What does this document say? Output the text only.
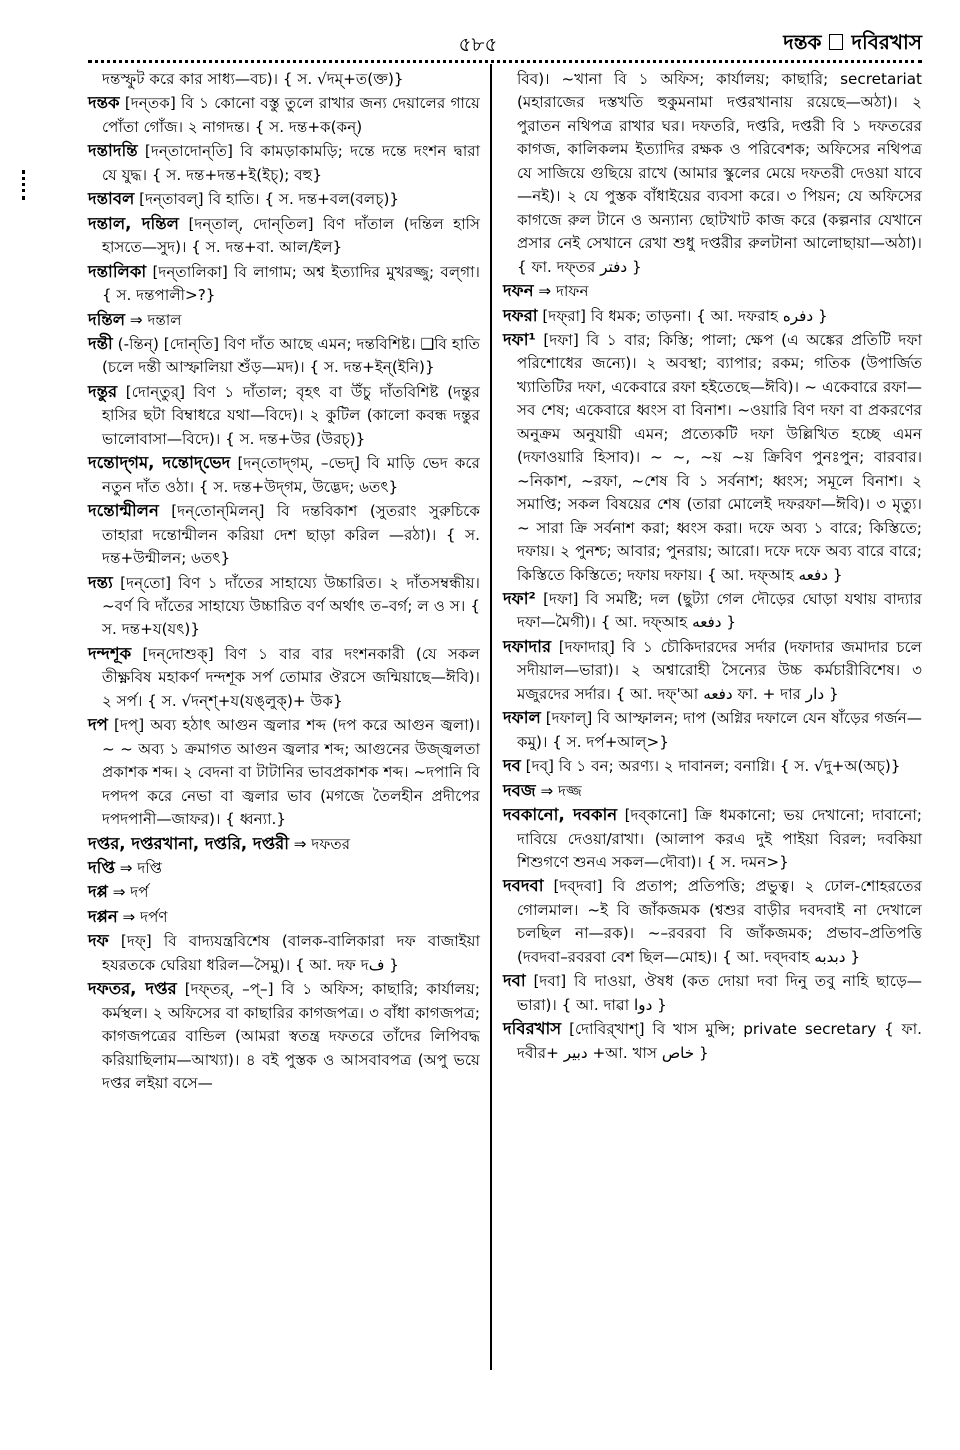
৫৮৫	দন্তক দবিরখাস

দন্তস্ফুট করে কার সাধ্য—বচ)। { স. √দম্+ত(ক্ত)}

দন্তক [দন্‌তক] বি ১ কোনো বস্তু তুলে রাখার জন্য দেয়ালের গায়ে পোঁতা গোঁজ। ২ নাগদন্ত। { স. দন্ত+ক(কন্‌)

দন্তাদন্তি [দন্‌তাদোন্‌তি] বি কামড়াকামড়ি; দন্তে দন্তে দংশন দ্বারা যে যুদ্ধ। { স. দন্ত+দন্ত+ই(ইচ্‌); বহু}

দন্তাবল [দন্‌তাবল্‌] বি হাতি। { স. দন্ত+বল(বলচ্‌)}

দন্তাল, দন্তিল [দন্‌তাল্‌, দোন্‌তিল] বিণ দাঁতাল (দন্তিল হাসি হাসতে—সুদ)। { স. দন্ত+বা. আল/ইল}

দন্তালিকা [দন্‌তালিকা] বি লাগাম; অশ্ব ইত্যাদির মুখরজ্জু; বল্‌গা। { স. দন্তপালী>?}

দন্তিল ⇒ দন্তাল

দন্তী (-ন্তিন্‌) [দোন্‌তি] বিণ দাঁত আছে এমন; দন্তবিশিষ্ট। ❑বি হাতি (চলে দন্তী আস্ফালিয়া শুঁড়—মদ)। { স. দন্ত+ইন্‌(ইনি)}

দন্তুর [দোন্‌তুর্‌] বিণ ১ দাঁতাল; বৃহৎ বা উঁচু দাঁতবিশিষ্ট (দন্তুর হাসির ছটা বিম্বাধরে যথা—বিদে)। ২ কুটিল (কালো কবন্ধ দন্তুর ভালোবাসা—বিদে)। { স. দন্ত+উর (উরচ্‌)}

দন্তোদ্‌গম, দন্তোদ্‌ভেদ [দন্‌তোদ্‌গম্‌, –ভেদ্‌] বি মাড়ি ভেদ করে নতুন দাঁত ওঠা। { স. দন্ত+উদ্‌গম, উদ্ভেদ; ৬তৎ}

দন্তোন্মীলন [দন্‌তোন্‌মিলন্‌] বি দন্তবিকাশ (সুতরাং সুরুচিকে তাহারা দন্তোন্মীলন করিয়া দেশ ছাড়া করিল —রঠা)। { স. দন্ত+উন্মীলন; ৬তৎ}

দন্ত্য [দন্‌তো] বিণ ১ দাঁতের সাহায্যে উচ্চারিত। ২ দাঁতসম্বন্ধীয়। ~বর্ণ বি দাঁতের সাহায্যে উচ্চারিত বর্ণ অর্থাৎ ত–বর্গ; ল ও স। { স. দন্ত+য(যৎ)}

দন্দশূক [দন্‌দোশুক্‌] বিণ ১ বার বার দংশনকারী (যে সকল তীক্ষ্ণবিষ মহাকর্ণ দন্দশূক সর্প তোমার ঔরসে জন্মিয়াছে—ঈবি)। ২ সর্প। { স. √দন্‌শ্‌+য(যঙ্‌লুক্‌)+ উক}

দপ [দপ্‌] অব্য হঠাৎ আগুন জ্বলার শব্দ (দপ করে আগুন জ্বলা)। ~ ~ অব্য ১ ক্রমাগত আগুন জ্বলার শব্দ; আগুনের উজ্জ্বলতা প্রকাশক শব্দ। ২ বেদনা বা টাটানির ভাবপ্রকাশক শব্দ। ~দপানি বি দপদপ করে নেভা বা জ্বলার ভাব (মগজে তৈলহীন প্রদীপের দপদপানী—জাফর)। { ধ্বন্যা.}

দপ্তর, দপ্তরখানা, দপ্তরি, দপ্তরী ⇒ দফতর

দপ্তি ⇒ দপ্তি

দপ্প ⇒ দর্প

দপ্পন ⇒ দর্পণ

দফ [দফ্‌] বি বাদ্যযন্ত্রবিশেষ (বালক-বালিকারা দফ বাজাইয়া হযরতকে ঘেরিয়া ধরিল—সৈমু)। { আ. দফ দف }

দফতর, দপ্তর [দফ্‌তর্‌, –প্‌–] বি ১ অফিস; কাছারি; কার্যালয়; কর্মস্থল। ২ অফিসের বা কাছারির কাগজপত্র। ৩ বাঁধা কাগজপত্র; কাগজপত্রের বান্ডিল (আমরা স্বতন্ত্র দফতরে তাঁদের লিপিবদ্ধ করিয়াছিলাম—আখ্যা)। ৪ বই পুস্তক ও আসবাবপত্র (অপু ভয়ে দপ্তর লইয়া বসে—

বিব)। ~খানা বি ১ অফিস; কার্যালয়; কাছারি; secretariat (মহারাজের দস্তখতি হুকুমনামা দপ্তরখানায় রয়েছে—অঠা)। ২ পুরাতন নথিপত্র রাখার ঘর। দফতরি, দপ্তরি, দপ্তরী বি ১ দফতরের কাগজ, কালিকলম ইত্যাদির রক্ষক ও পরিবেশক; অফিসের নথিপত্র যে সাজিয়ে গুছিয়ে রাখে (আমার স্কুলের মেয়ে দফতরী দেওয়া যাবে—নই)। ২ যে পুস্তক বাঁধাইয়ের ব্যবসা করে। ৩ পিয়ন; যে অফিসের কাগজে রুল টানে ও অন্যান্য ছোটখাট কাজ করে (কল্পনার যেখানে প্রসার নেই সেখানে রেখা শুধু দপ্তরীর রুলটানা আলোছায়া—অঠা)। { ফা. দফ্‌তর دفتر }

দফন ⇒ দাফন

দফরা [দফ্‌রা] বি ধমক; তাড়না। { আ. দফরাহ دفره }

দফা¹ [দফা] বি ১ বার; কিস্তি; পালা; ক্ষেপ (এ অঙ্কের প্রতিটি দফা পরিশোধের জন্যে)। ২ অবস্থা; ব্যাপার; রকম; গতিক (উপার্জিত খ্যাতিটির দফা, একেবারে রফা হইতেছে—ঈবি)। ~ একেবারে রফা—সব শেষ; একেবারে ধ্বংস বা বিনাশ। ~ওয়ারি বিণ দফা বা প্রকরণের অনুক্রম অনুযায়ী এমন; প্রত্যেকটি দফা উল্লিখিত হচ্ছে এমন (দফাওয়ারি হিসাব)। ~ ~, ~য় ~য় ক্রিবিণ পুনঃপুন; বারবার। ~নিকাশ, ~রফা, ~শেষ বি ১ সর্বনাশ; ধ্বংস; সমূলে বিনাশ। ২ সমাপ্তি; সকল বিষয়ের শেষ (তারা মোলেই দফরফা—ঈবি)। ৩ মৃত্যু। ~ সারা ক্রি সর্বনাশ করা; ধ্বংস করা। দফে অব্য ১ বারে; কিস্তিতে; দফায়। ২ পুনশ্চ; আবার; পুনরায়; আরো। দফে দফে অব্য বারে বারে; কিস্তিতে কিস্তিতে; দফায় দফায়। { আ. দফ্‌আহ دفعه }

দফা² [দফা] বি সমষ্টি; দল (ছুট্যা গেল দৌড়ের ঘোড়া যথায় বাদ্যার দফা—মৈগী)। { আ. দফ্‌আহ دفعه }

দফাদার [দফাদার্‌] বি ১ চৌকিদারদের সর্দার (দফাদার জমাদার চলে সদীয়াল—ভারা)। ২ অশ্বারোহী সৈন্যের উচ্চ কর্মচারীবিশেষ। ৩ মজুরদের সর্দার। { আ. দফ্‌'আ دفعه ফা. + দার دار }

দফাল [দফাল্‌] বি আস্ফালন; দাপ (অগ্নির দফালে যেন ষাঁড়ের গর্জন—কমু)। { স. দর্প+আল্‌>}

দব [দব্‌] বি ১ বন; অরণ্য। ২ দাবানল; বনাগ্নি। { স. √দু+অ(অচ্‌)}

দবজ ⇒ দজ্জ

দবকানো, দবকান [দব্‌কানো] ক্রি ধমকানো; ভয় দেখানো; দাবানো; দাবিয়ে দেওয়া/রাখা। (আলাপ করএ দুই পাইয়া বিরল; দবকিয়া শিশুগণে শুনএ সকল—দৌবা)। { স. দমন>}

দবদবা [দব্‌দবা] বি প্রতাপ; প্রতিপত্তি; প্রভুত্ব। ২ ঢোল-শোহরতের গোলমাল। ~ই বি জাঁকজমক (শ্বশুর বাড়ীর দবদবাই না দেখালে চলছিল না—রক)। ~–রবরবা বি জাঁকজমক; প্রভাব–প্রতিপত্তি (দবদবা–রবরবা বেশ ছিল—মোহ)। { আ. দব্‌দবাহ دبدبه }

দবা [দবা] বি দাওয়া, ঔষধ (কত দোয়া দবা দিনু তবু নাহি ছাড়ে—ভারা)। { আ. দাৱা دوا }

দবিরখাস [দোবির্‌খাশ্‌] বি খাস মুন্সি; private secretary { ফা. দবীর+ دبیر +আ. খাস خاص }
